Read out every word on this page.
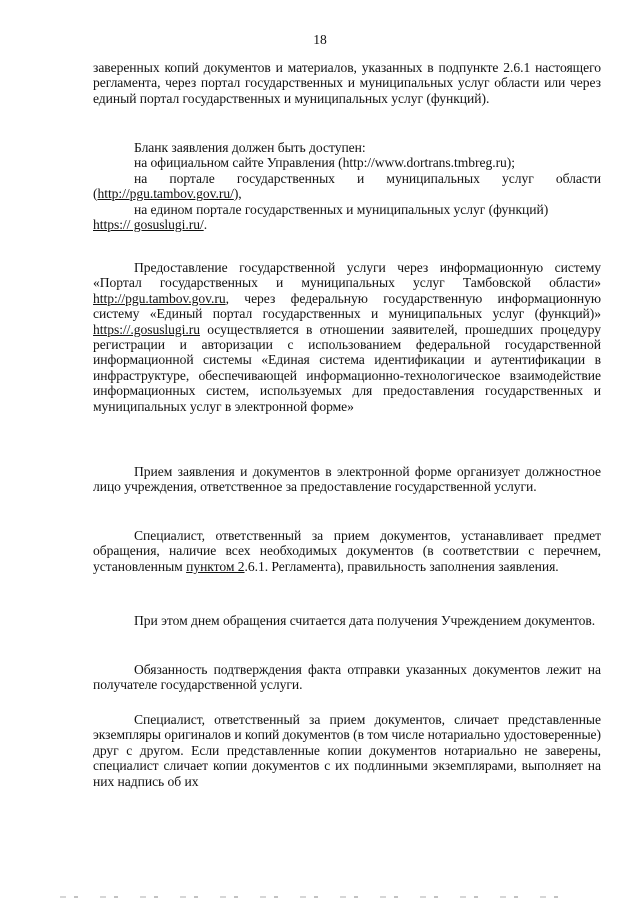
18

заверенных копий документов и материалов, указанных в подпункте 2.6.1 настоящего регламента, через портал государственных и муниципальных услуг области или через единый портал государственных и муниципальных услуг (функций).

Бланк заявления должен быть доступен:
на официальном сайте Управления (http://www.dortrans.tmbreg.ru);
на портале государственных и муниципальных услуг области
(http://pgu.tambov.gov.ru/),
на едином портале государственных и муниципальных услуг (функций)
https:// gosuslugi.ru/.

Предоставление государственной услуги через информационную систему «Портал государственных и муниципальных услуг Тамбовской области» http://pgu.tambov.gov.ru, через федеральную государственную информационную систему «Единый портал государственных и муниципальных услуг (функций)» https://.gosuslugi.ru осуществляется в отношении заявителей, прошедших процедуру регистрации и авторизации с использованием федеральной государственной информационной системы «Единая система идентификации и аутентификации в инфраструктуре, обеспечивающей информационно-технологическое взаимодействие информационных систем, используемых для предоставления государственных и муниципальных услуг в электронной форме»

Прием заявления и документов в электронной форме организует должностное лицо учреждения, ответственное за предоставление государственной услуги.

Специалист, ответственный за прием документов, устанавливает предмет обращения, наличие всех необходимых документов (в соответствии с перечнем, установленным пунктом 2.6.1. Регламента), правильность заполнения заявления.

При этом днем обращения считается дата получения Учреждением документов.

Обязанность подтверждения факта отправки указанных документов лежит на получателе государственной услуги.

Специалист, ответственный за прием документов, сличает представленные экземпляры оригиналов и копий документов (в том числе нотариально удостоверенные) друг с другом. Если представленные копии документов нотариально не заверены, специалист сличает копии документов с их подлинными экземплярами, выполняет на них надпись об их
